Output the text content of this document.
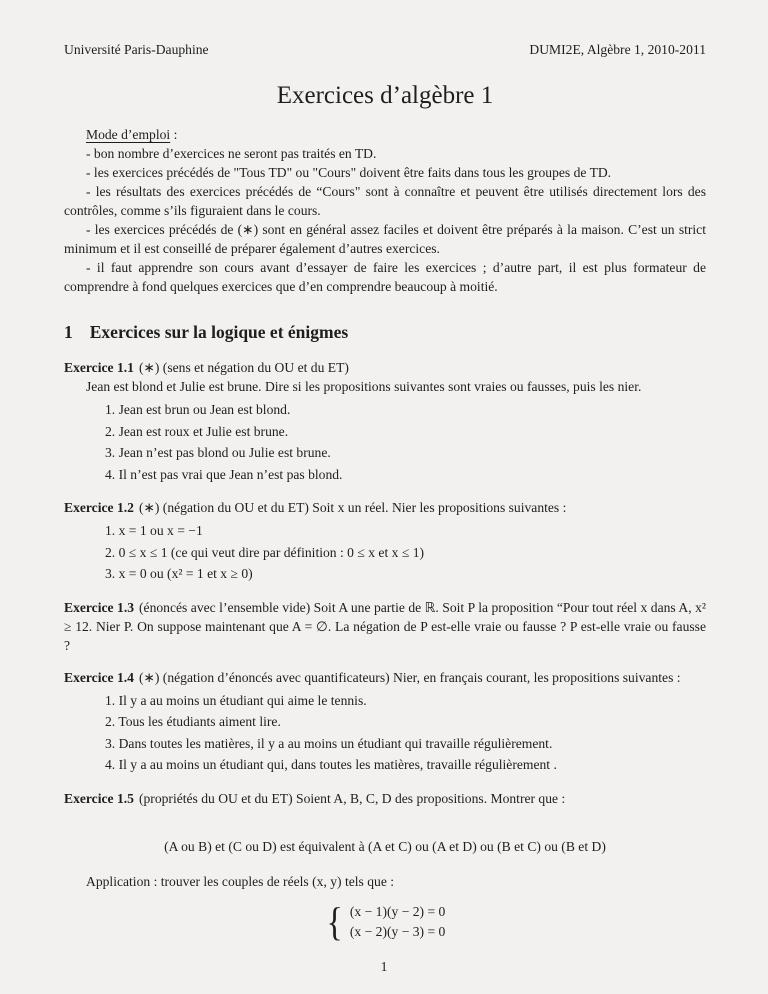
Université Paris-Dauphine	DUMI2E, Algèbre 1, 2010-2011
Exercices d’algèbre 1

Mode d’emploi :

- bon nombre d’exercices ne seront pas traités en TD.

- les exercices précédés de "Tous TD" ou "Cours" doivent être faits dans tous les groupes de TD.

- les résultats des exercices précédés de “Cours" sont à connaître et peuvent être utilisés directement lors des contrôles, comme s’ils figuraient dans le cours.

- les exercices précédés de (∗) sont en général assez faciles et doivent être préparés à la maison. C’est un strict minimum et il est conseillé de préparer également d’autres exercices.

- il faut apprendre son cours avant d’essayer de faire les exercices ; d’autre part, il est plus formateur de comprendre à fond quelques exercices que d’en comprendre beaucoup à moitié.

1 Exercices sur la logique et énigmes

Exercice 1.1 (∗) (sens et négation du OU et du ET)

Jean est blond et Julie est brune. Dire si les propositions suivantes sont vraies ou fausses, puis les nier.

1. Jean est brun ou Jean est blond.
2. Jean est roux et Julie est brune.
3. Jean n’est pas blond ou Julie est brune.
4. Il n’est pas vrai que Jean n’est pas blond.

Exercice 1.2 (∗) (négation du OU et du ET) Soit x un réel. Nier les propositions suivantes :

1. x = 1 ou x = −1
2. 0 ≤ x ≤ 1 (ce qui veut dire par définition : 0 ≤ x et x ≤ 1)
3. x = 0 ou (x² = 1 et x ≥ 0)

Exercice 1.3 (énoncés avec l’ensemble vide) Soit A une partie de ℝ. Soit P la proposition “Pour tout réel x dans A, x² ≥ 12. Nier P. On suppose maintenant que A = ∅. La négation de P est-elle vraie ou fausse ? P est-elle vraie ou fausse ?

Exercice 1.4 (∗) (négation d’énoncés avec quantificateurs) Nier, en français courant, les propositions suivantes :

1. Il y a au moins un étudiant qui aime le tennis.
2. Tous les étudiants aiment lire.
3. Dans toutes les matières, il y a au moins un étudiant qui travaille régulièrement.
4. Il y a au moins un étudiant qui, dans toutes les matières, travaille régulièrement .

Exercice 1.5 (propriétés du OU et du ET) Soient A, B, C, D des propositions. Montrer que :

(A ou B) et (C ou D) est équivalent à (A et C) ou (A et D) ou (B et C) ou (B et D)

Application : trouver les couples de réels (x, y) tels que :

{ (x − 1)(y − 2) = 0

(x − 2)(y − 3) = 0

1
